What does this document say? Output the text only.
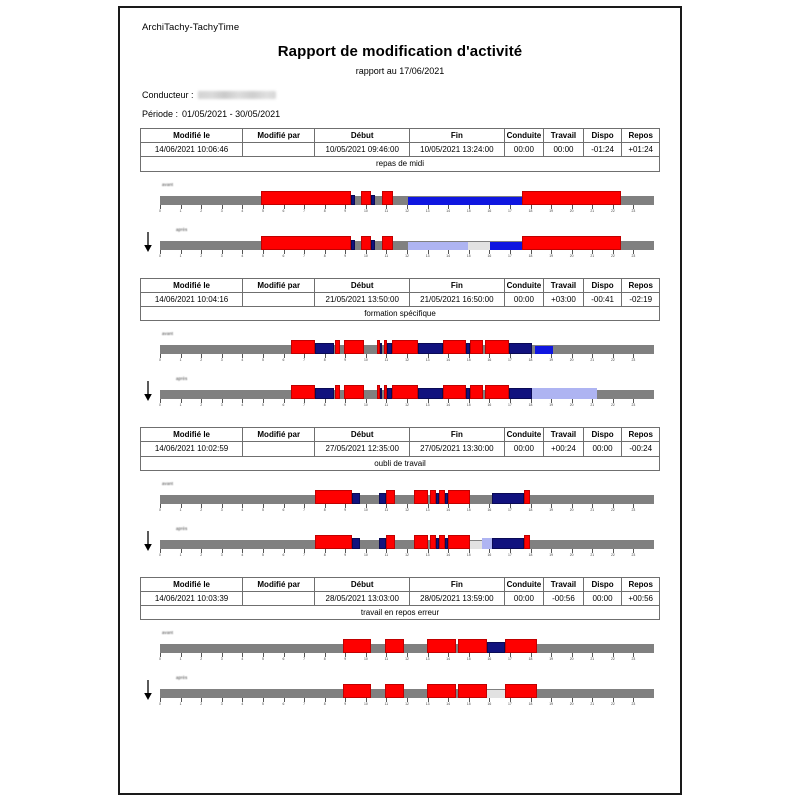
ArchiTachy-TachyTime
Rapport de modification d'activité
rapport au 17/06/2021
Conducteur :
Période : 01/05/2021 - 30/05/2021
Modifié le	Modifié par	Début	Fin	Conduite	Travail	Dispo	Repos
14/06/2021 10:06:46		10/05/2021 09:46:00	10/05/2021 13:24:00	00:00	00:00	-01:24	+01:24
repas de midi							
avant
0	1	2	3	4	5	6	7	8	9	10	11	12	13	14	15	16	17	18	19	20	21	22	23
après
0	1	2	3	4	5	6	7	8	9	10	11	12	13	14	15	16	17	18	19	20	21	22	23
Modifié le	Modifié par	Début	Fin	Conduite	Travail	Dispo	Repos
14/06/2021 10:04:16		21/05/2021 13:50:00	21/05/2021 16:50:00	00:00	+03:00	-00:41	-02:19
formation spécifique							
avant
0	1	2	3	4	5	6	7	8	9	10	11	12	13	14	15	16	17	18	19	20	21	22	23
après
0	1	2	3	4	5	6	7	8	9	10	11	12	13	14	15	16	17	18	19	20	21	22	23
Modifié le	Modifié par	Début	Fin	Conduite	Travail	Dispo	Repos
14/06/2021 10:02:59		27/05/2021 12:35:00	27/05/2021 13:30:00	00:00	+00:24	00:00	-00:24
oubli de travail							
avant
0	1	2	3	4	5	6	7	8	9	10	11	12	13	14	15	16	17	18	19	20	21	22	23
après
0	1	2	3	4	5	6	7	8	9	10	11	12	13	14	15	16	17	18	19	20	21	22	23
Modifié le	Modifié par	Début	Fin	Conduite	Travail	Dispo	Repos
14/06/2021 10:03:39		28/05/2021 13:03:00	28/05/2021 13:59:00	00:00	-00:56	00:00	+00:56
travail en repos erreur							
avant
0	1	2	3	4	5	6	7	8	9	10	11	12	13	14	15	16	17	18	19	20	21	22	23
après
0	1	2	3	4	5	6	7	8	9	10	11	12	13	14	15	16	17	18	19	20	21	22	23
